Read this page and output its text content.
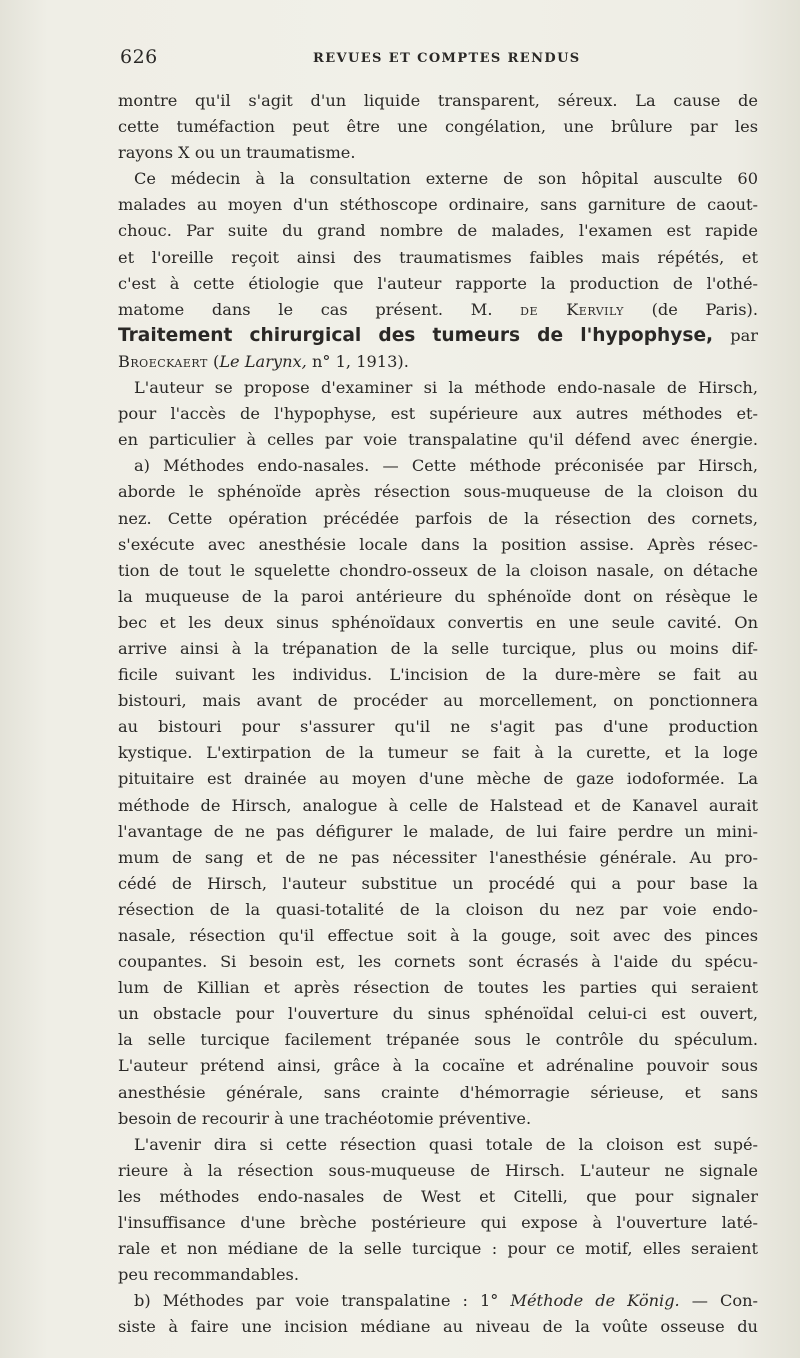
626	REVUES ET COMPTES RENDUS
montre qu'il s'agit d'un liquide transparent, séreux. La cause de
cette tuméfaction peut être une congélation, une brûlure par les
rayons X ou un traumatisme.
Ce médecin à la consultation externe de son hôpital ausculte 60
malades au moyen d'un stéthoscope ordinaire, sans garniture de caout-
chouc. Par suite du grand nombre de malades, l'examen est rapide
et l'oreille reçoit ainsi des traumatismes faibles mais répétés, et
c'est à cette étiologie que l'auteur rapporte la production de l'othé-
matome dans le cas présent. M. de Kervily (de Paris).
Traitement chirurgical des tumeurs de l'hypophyse, par
Broeckaert (Le Larynx, n° 1, 1913).
L'auteur se propose d'examiner si la méthode endo-nasale de Hirsch,
pour l'accès de l'hypophyse, est supérieure aux autres méthodes et-
en particulier à celles par voie transpalatine qu'il défend avec énergie.
a) Méthodes endo-nasales. — Cette méthode préconisée par Hirsch,
aborde le sphénoïde après résection sous-muqueuse de la cloison du
nez. Cette opération précédée parfois de la résection des cornets,
s'exécute avec anesthésie locale dans la position assise. Après résec-
tion de tout le squelette chondro-osseux de la cloison nasale, on détache
la muqueuse de la paroi antérieure du sphénoïde dont on résèque le
bec et les deux sinus sphénoïdaux convertis en une seule cavité. On
arrive ainsi à la trépanation de la selle turcique, plus ou moins dif-
ficile suivant les individus. L'incision de la dure-mère se fait au
bistouri, mais avant de procéder au morcellement, on ponctionnera
au bistouri pour s'assurer qu'il ne s'agit pas d'une production
kystique. L'extirpation de la tumeur se fait à la curette, et la loge
pituitaire est drainée au moyen d'une mèche de gaze iodoformée. La
méthode de Hirsch, analogue à celle de Halstead et de Kanavel aurait
l'avantage de ne pas défigurer le malade, de lui faire perdre un mini-
mum de sang et de ne pas nécessiter l'anesthésie générale. Au pro-
cédé de Hirsch, l'auteur substitue un procédé qui a pour base la
résection de la quasi-totalité de la cloison du nez par voie endo-
nasale, résection qu'il effectue soit à la gouge, soit avec des pinces
coupantes. Si besoin est, les cornets sont écrasés à l'aide du spécu-
lum de Killian et après résection de toutes les parties qui seraient
un obstacle pour l'ouverture du sinus sphénoïdal celui-ci est ouvert,
la selle turcique facilement trépanée sous le contrôle du spéculum.
L'auteur prétend ainsi, grâce à la cocaïne et adrénaline pouvoir sous
anesthésie générale, sans crainte d'hémorragie sérieuse, et sans
besoin de recourir à une trachéotomie préventive.
L'avenir dira si cette résection quasi totale de la cloison est supé-
rieure à la résection sous-muqueuse de Hirsch. L'auteur ne signale
les méthodes endo-nasales de West et Citelli, que pour signaler
l'insuffisance d'une brèche postérieure qui expose à l'ouverture laté-
rale et non médiane de la selle turcique : pour ce motif, elles seraient
peu recommandables.
b) Méthodes par voie transpalatine : 1° Méthode de König. — Con-
siste à faire une incision médiane au niveau de la voûte osseuse du
